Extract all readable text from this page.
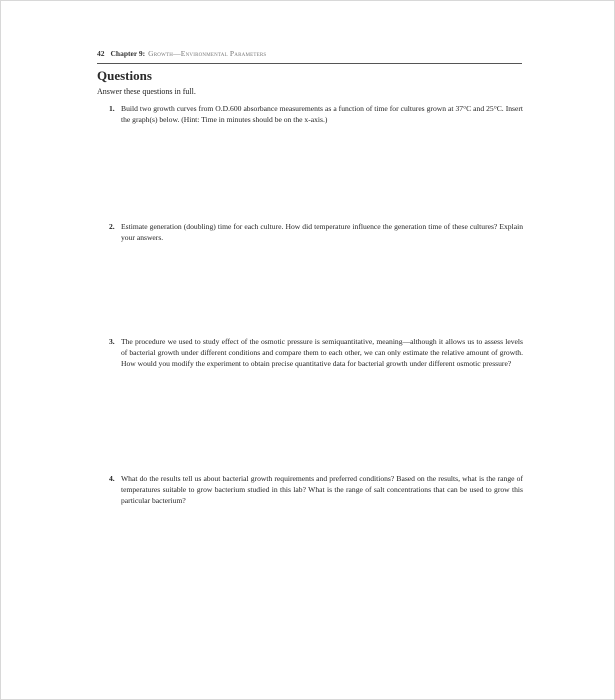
42 Chapter 9: Growth—Environmental Parameters
Questions
Answer these questions in full.
1. Build two growth curves from O.D.600 absorbance measurements as a function of time for cultures grown at 37°C and 25°C. Insert the graph(s) below. (Hint: Time in minutes should be on the x-axis.)
2. Estimate generation (doubling) time for each culture. How did temperature influence the generation time of these cultures? Explain your answers.
3. The procedure we used to study effect of the osmotic pressure is semiquantitative, meaning—although it allows us to assess levels of bacterial growth under different conditions and compare them to each other, we can only estimate the relative amount of growth. How would you modify the experiment to obtain precise quantitative data for bacterial growth under different osmotic pressure?
4. What do the results tell us about bacterial growth requirements and preferred conditions? Based on the results, what is the range of temperatures suitable to grow bacterium studied in this lab? What is the range of salt concentrations that can be used to grow this particular bacterium?
